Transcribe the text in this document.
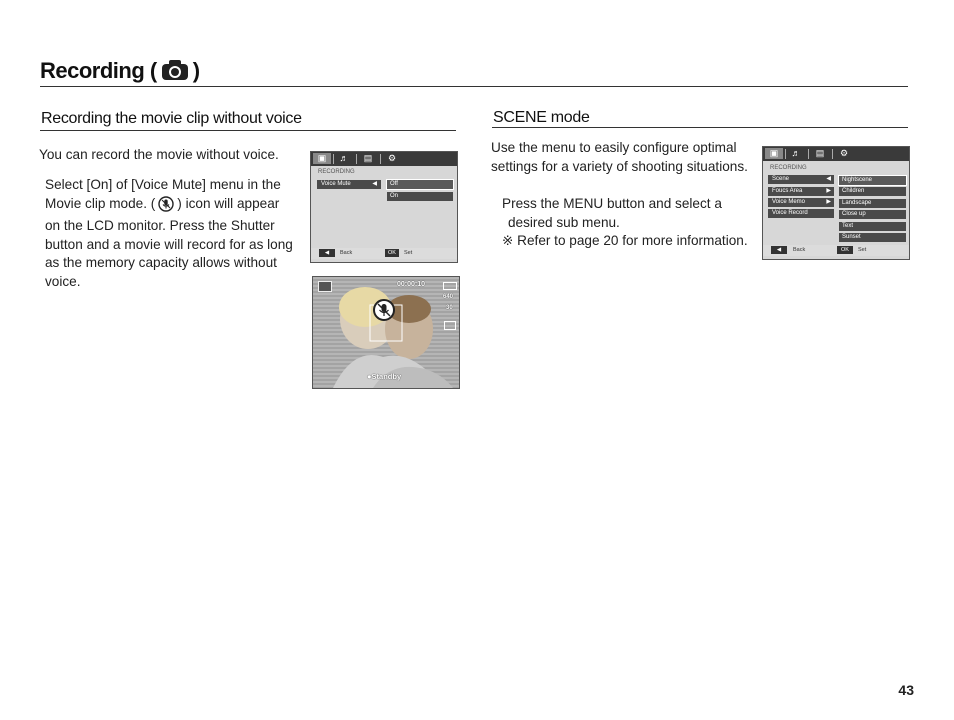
Recording ( )
Recording the movie clip without voice
You can record the movie without voice.
Select [On] of [Voice Mute] menu in the
Movie clip mode. ( ) icon will appear
on the LCD monitor. Press the Shutter
button and a movie will record for as long
as the memory capacity allows without
voice.
▣	♬	▤	⚙
RECORDING
Voice Mute	◀	Off
On
◀	Back	OK	Set
00:00:10
640
30
●Standby
SCENE mode
Use the menu to easily configure optimal
settings for a variety of shooting situations.
Press the MENU button and select a
desired sub menu.
※ Refer to page 20 for more information.
▣	♬	▤	⚙
RECORDING
Scene	◀
Foucs Area	▶
Voice Memo	▶
Voice Record
Nightscene
Children
Landscape
Close up
Text
Sunset
◀	Back	OK	Set
43
